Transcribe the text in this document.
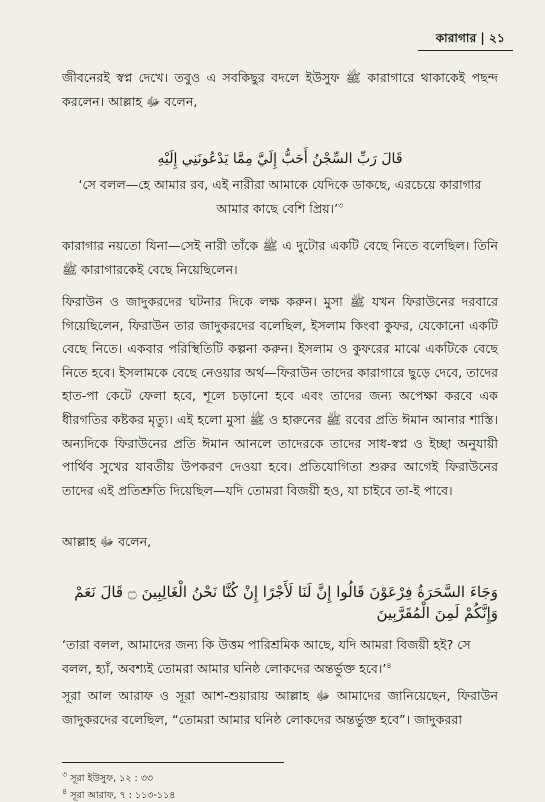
কারাগার | ২১

জীবনেরই স্বপ্ন দেখে। তবুও এ সবকিছুর বদলে ইউসুফ ﷺ কারাগারে থাকাকেই পছন্দ করলেন। আল্লাহ ﷻ বলেন,

قَالَ رَبِّ السِّجْنُ أَحَبُّ إِلَيَّ مِمَّا يَدْعُونَنِي إِلَيْهِ
‘সে বলল—হে আমার রব, এই নারীরা আমাকে যেদিকে ডাকছে, এরচেয়ে কারাগার আমার কাছে বেশি প্রিয়।’$^৩$

কারাগার নয়তো যিনা—সেই নারী তাঁকে ﷺ এ দুটোর একটি বেছে নিতে বলেছিল। তিনি ﷺ কারাগারকেই বেছে নিয়েছিলেন।

ফিরাউন ও জাদুকরদের ঘটনার দিকে লক্ষ করুন। মুসা ﷺ যখন ফিরাউনের দরবারে গিয়েছিলেন, ফিরাউন তার জাদুকরদের বলেছিল, ইসলাম কিংবা কুফর, যেকোনো একটি বেছে নিতে। একবার পরিস্থিতিটি কল্পনা করুন। ইসলাম ও কুফরের মাঝে একটিকে বেছে নিতে হবে। ইসলামকে বেছে নেওয়ার অর্থ—ফিরাউন তাদের কারাগারে ছুড়ে দেবে, তাদের হাত-পা কেটে ফেলা হবে, শূলে চড়ানো হবে এবং তাদের জন্য অপেক্ষা করবে এক ধীরগতির কষ্টকর মৃত্যু। এই হলো মুসা ﷺ ও হারুনের ﷺ রবের প্রতি ঈমান আনার শাস্তি। অন্যদিকে ফিরাউনের প্রতি ঈমান আনলে তাদেরকে তাদের সাধ-স্বপ্ন ও ইচ্ছা অনুযায়ী পার্থিব সুখের যাবতীয় উপকরণ দেওয়া হবে। প্রতিযোগিতা শুরুর আগেই ফিরাউনের তাদের এই প্রতিশ্রুতি দিয়েছিল—যদি তোমরা বিজয়ী হও, যা চাইবে তা-ই পাবে।

আল্লাহ ﷻ বলেন,

وَجَاءَ السَّحَرَةُ فِرْعَوْنَ قَالُوا إِنَّ لَنَا لَأَجْرًا إِنْ كُنَّا نَحْنُ الْغَالِبِينَ ۝ قَالَ نَعَمْ وَإِنَّكُمْ لَمِنَ الْمُقَرَّبِينَ
‘তারা বলল, আমাদের জন্য কি উত্তম পারিশ্রমিক আছে, যদি আমরা বিজয়ী হই? সে বলল, হ্যাঁ, অবশ্যই তোমরা আমার ঘনিষ্ঠ লোকদের অন্তর্ভুক্ত হবে।’$^৪$

সূরা আল আরাফ ও সূরা আশ-শুয়ারায় আল্লাহ ﷻ আমাদের জানিয়েছেন, ফিরাউন জাদুকরদের বলেছিল, “তোমরা আমার ঘনিষ্ঠ লোকদের অন্তর্ভুক্ত হবে”। জাদুকররা

$^৩$ সূরা ইউসুফ, ১২ : ৩৩
$^৪$ সূরা আরাফ, ৭ : ১১৩-১১৪
